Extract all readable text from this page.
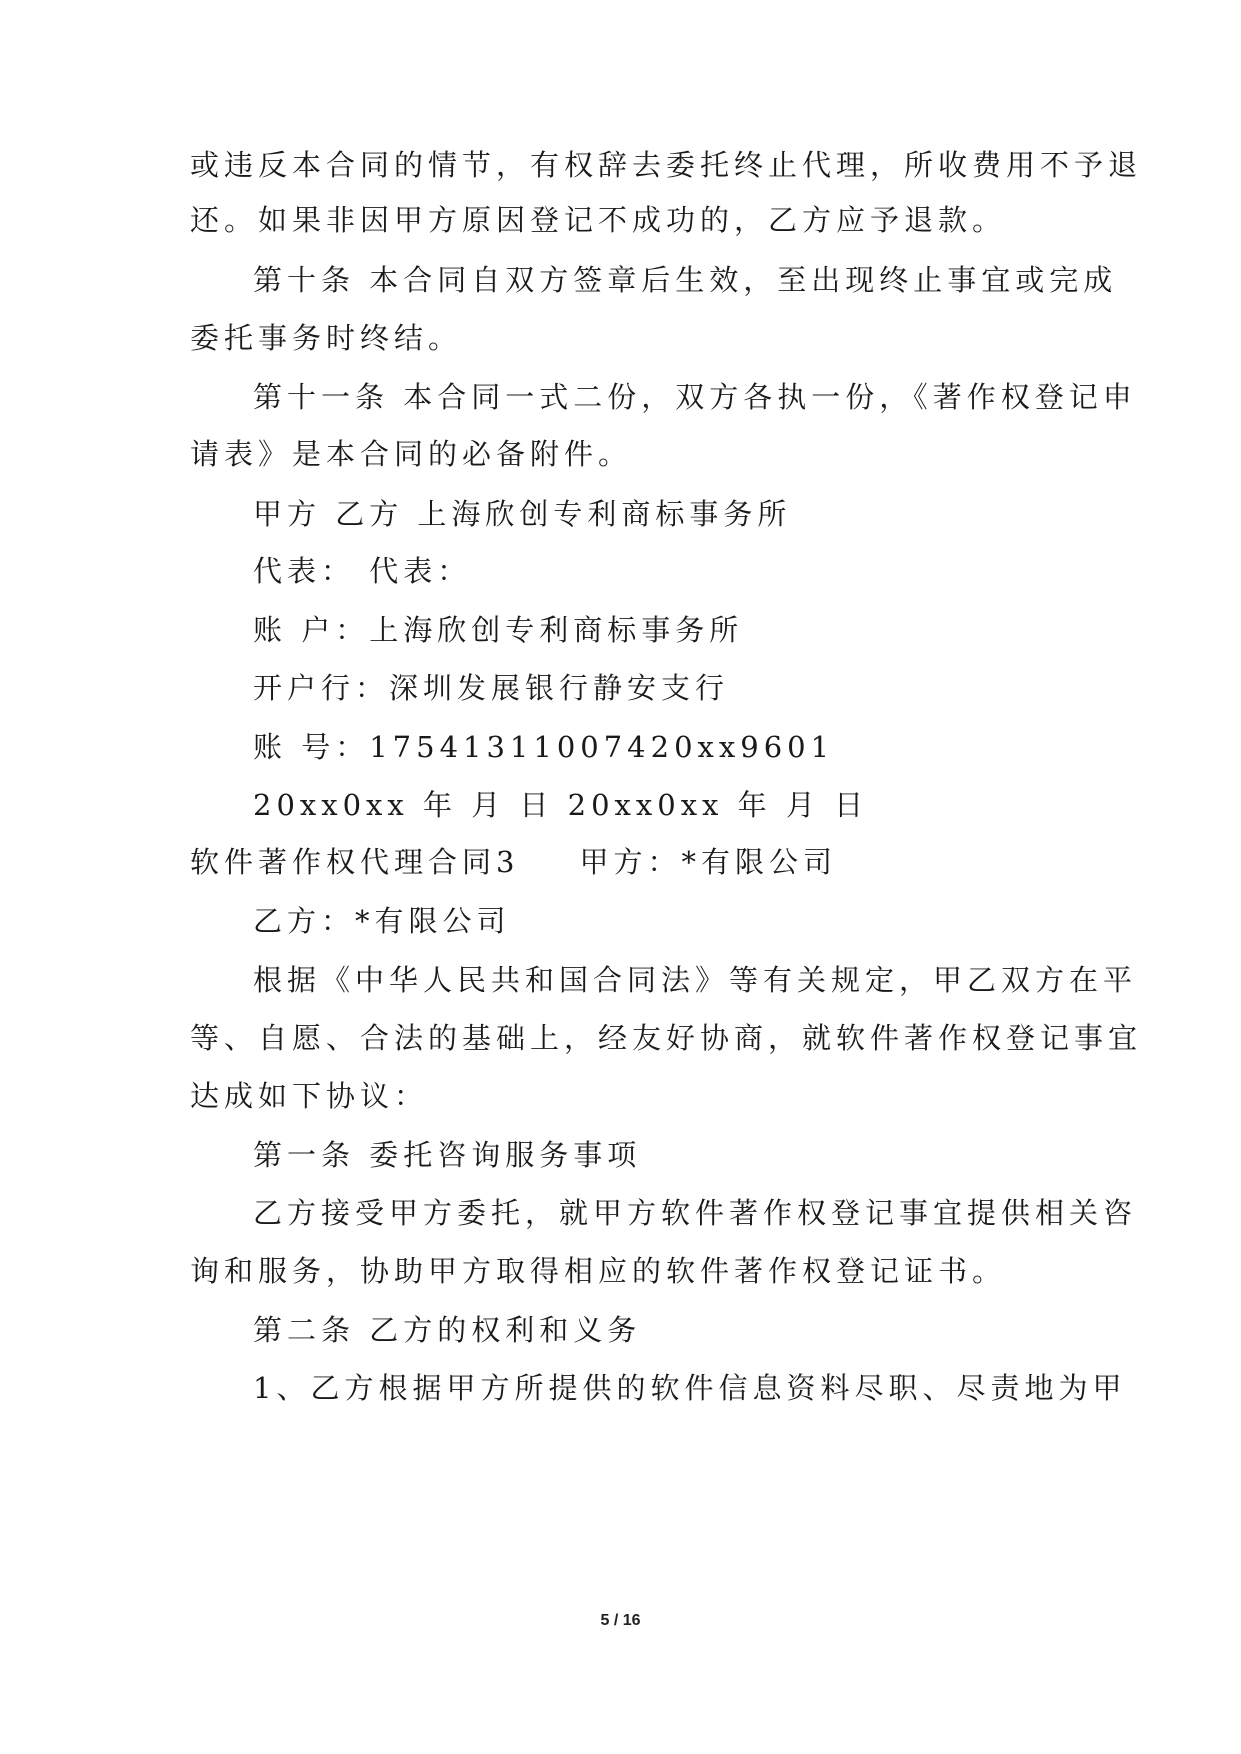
或违反本合同的情节，有权辞去委托终止代理，所收费用不予退
还。如果非因甲方原因登记不成功的，乙方应予退款。
第十条 本合同自双方签章后生效，至出现终止事宜或完成
委托事务时终结。
第十一条 本合同一式二份，双方各执一份，《著作权登记申
请表》是本合同的必备附件。
甲方 乙方 上海欣创专利商标事务所
代表： 代表：
账 户：上海欣创专利商标事务所
开户行：深圳发展银行静安支行
账 号：17541311007420xx9601
20xx0xx 年 月 日 20xx0xx 年 月 日
软件著作权代理合同3 甲方：*有限公司
乙方：*有限公司
根据《中华人民共和国合同法》等有关规定，甲乙双方在平
等、自愿、合法的基础上，经友好协商，就软件著作权登记事宜
达成如下协议：
第一条 委托咨询服务事项
乙方接受甲方委托，就甲方软件著作权登记事宜提供相关咨
询和服务，协助甲方取得相应的软件著作权登记证书。
第二条 乙方的权利和义务
1、乙方根据甲方所提供的软件信息资料尽职、尽责地为甲
5 / 16
